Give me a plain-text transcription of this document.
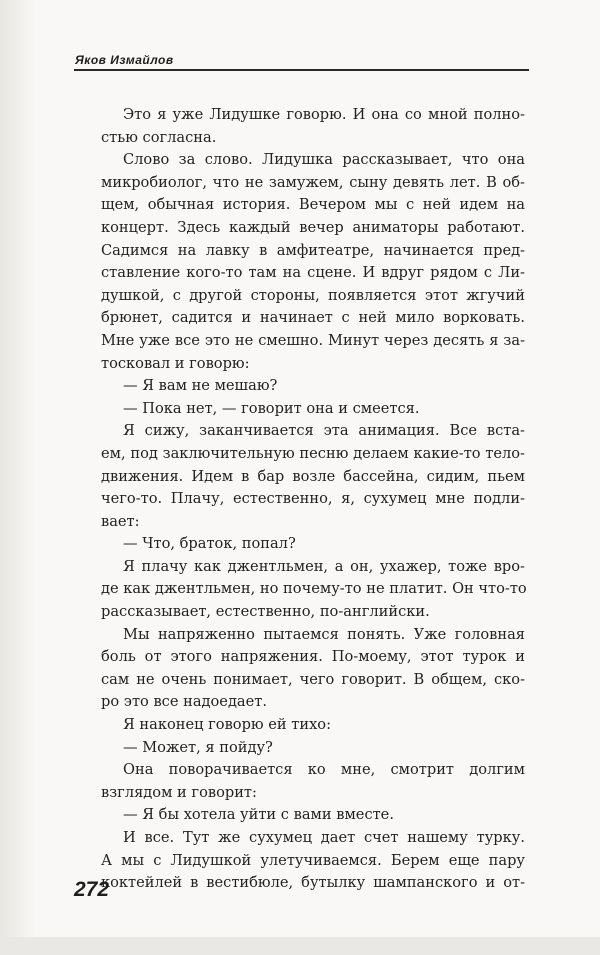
Яков Измайлов
Это я уже Лидушке говорю. И она со мной полно-
стью согласна.
Слово за слово. Лидушка рассказывает, что она
микробиолог, что не замужем, сыну девять лет. В об-
щем, обычная история. Вечером мы с ней идем на
концерт. Здесь каждый вечер аниматоры работают.
Садимся на лавку в амфитеатре, начинается пред-
ставление кого-то там на сцене. И вдруг рядом с Ли-
душкой, с другой стороны, появляется этот жгучий
брюнет, садится и начинает с ней мило ворковать.
Мне уже все это не смешно. Минут через десять я за-
тосковал и говорю:
— Я вам не мешаю?
— Пока нет, — говорит она и смеется.
Я сижу, заканчивается эта анимация. Все вста-
ем, под заключительную песню делаем какие-то тело-
движения. Идем в бар возле бассейна, сидим, пьем
чего-то. Плачу, естественно, я, сухумец мне подли-
вает:
— Что, браток, попал?
Я плачу как джентльмен, а он, ухажер, тоже вро-
де как джентльмен, но почему-то не платит. Он что-то
рассказывает, естественно, по-английски.
Мы напряженно пытаемся понять. Уже головная
боль от этого напряжения. По-моему, этот турок и
сам не очень понимает, чего говорит. В общем, ско-
ро это все надоедает.
Я наконец говорю ей тихо:
— Может, я пойду?
Она поворачивается ко мне, смотрит долгим
взглядом и говорит:
— Я бы хотела уйти с вами вместе.
И все. Тут же сухумец дает счет нашему турку.
А мы с Лидушкой улетучиваемся. Берем еще пару
коктейлей в вестибюле, бутылку шампанского и от-
272
